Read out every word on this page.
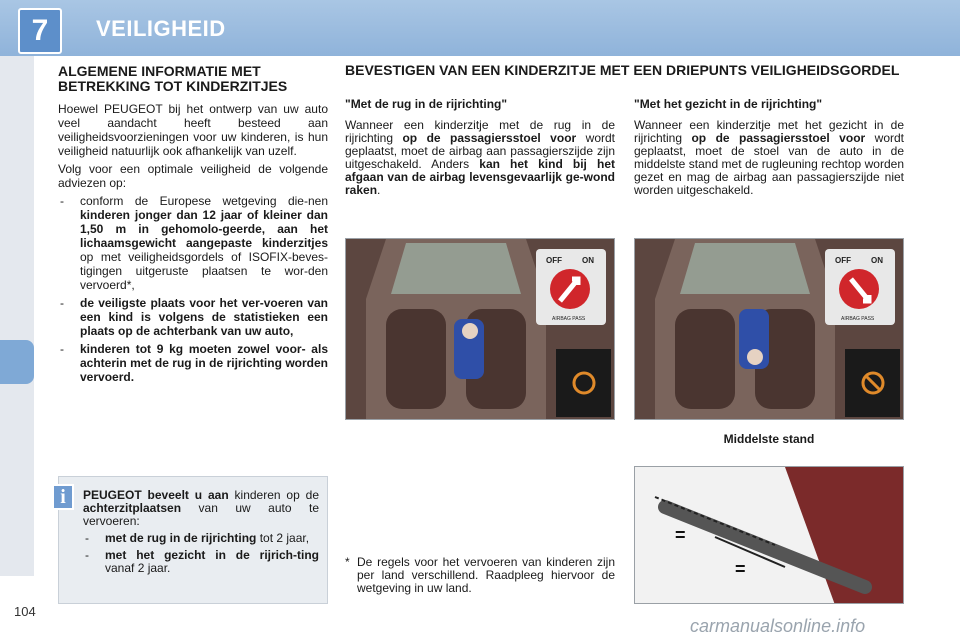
7 VEILIGHEID
ALGEMENE INFORMATIE MET BETREKKING TOT KINDERZITJES
Hoewel PEUGEOT bij het ontwerp van uw auto veel aandacht heeft besteed aan veiligheidsvoorzieningen voor uw kinderen, is hun veiligheid natuurlijk ook afhankelijk van uzelf.
Volg voor een optimale veiligheid de volgende adviezen op:
- conform de Europese wetgeving die-nen kinderen jonger dan 12 jaar of kleiner dan 1,50 m in gehomolo-geerde, aan het lichaamsgewicht aangepaste kinderzitjes op met veiligheidsgordels of ISOFIX-beves-tigingen uitgeruste plaatsen te wor-den vervoerd*,
- de veiligste plaats voor het ver-voeren van een kind is volgens de statistieken een plaats op de achterbank van uw auto,
- kinderen tot 9 kg moeten zowel voor- als achterin met de rug in de rijrichting worden vervoerd.
PEUGEOT beveelt u aan kinderen op de achterzitplaatsen van uw auto te vervoeren:
- met de rug in de rijrichting tot 2 jaar,
- met het gezicht in de rijrich-ting vanaf 2 jaar.
i
BEVESTIGEN VAN EEN KINDERZITJE MET EEN DRIEPUNTS VEILIGHEIDSGORDEL
"Met de rug in de rijrichting"
Wanneer een kinderzitje met de rug in de rijrichting op de passagiersstoel voor wordt geplaatst, moet de airbag aan passagierszijde zijn uitgeschakeld. Anders kan het kind bij het afgaan van de airbag levensgevaarlijk ge-wond raken.
"Met het gezicht in de rijrichting"
Wanneer een kinderzitje met het gezicht in de rijrichting op de passagiersstoel voor wordt geplaatst, moet de stoel van de auto in de middelste stand met de rugleuning rechtop worden gezet en mag de airbag aan passagierszijde niet worden uitgeschakeld.
OFF	ON
AIRBAG PASS
OFF	ON
AIRBAG PASS
Middelste stand
=
=
* De regels voor het vervoeren van kinderen zijn per land verschillend. Raadpleeg hiervoor de wetgeving in uw land.
104
carmanualsonline.info
